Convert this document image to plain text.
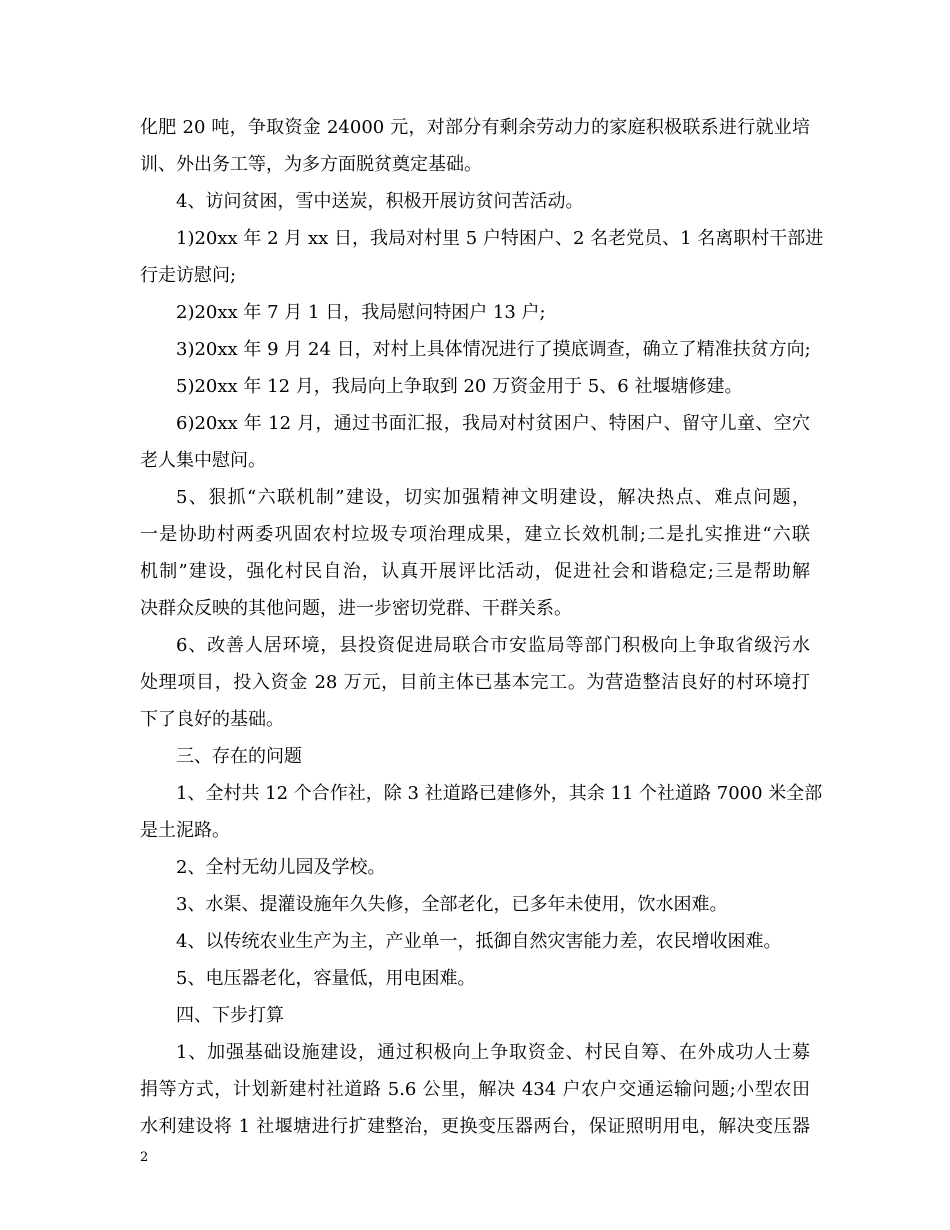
化肥 20 吨，争取资金 24000 元，对部分有剩余劳动力的家庭积极联系进行就业培

训、外出务工等，为多方面脱贫奠定基础。

4、访问贫困，雪中送炭，积极开展访贫问苦活动。

1)20xx 年 2 月 xx 日，我局对村里 5 户特困户、2 名老党员、1 名离职村干部进

行走访慰问;

2)20xx 年 7 月 1 日，我局慰问特困户 13 户;

3)20xx 年 9 月 24 日，对村上具体情况进行了摸底调查，确立了精准扶贫方向;

5)20xx 年 12 月，我局向上争取到 20 万资金用于 5、6 社堰塘修建。

6)20xx 年 12 月，通过书面汇报，我局对村贫困户、特困户、留守儿童、空穴

老人集中慰问。

5、狠抓“六联机制”建设，切实加强精神文明建设，解决热点、难点问题，

一是协助村两委巩固农村垃圾专项治理成果，建立长效机制;二是扎实推进“六联

机制”建设，强化村民自治，认真开展评比活动，促进社会和谐稳定;三是帮助解

决群众反映的其他问题，进一步密切党群、干群关系。

6、改善人居环境，县投资促进局联合市安监局等部门积极向上争取省级污水

处理项目，投入资金 28 万元，目前主体已基本完工。为营造整洁良好的村环境打

下了良好的基础。

三、存在的问题

1、全村共 12 个合作社，除 3 社道路已建修外，其余 11 个社道路 7000 米全部

是土泥路。

2、全村无幼儿园及学校。

3、水渠、提灌设施年久失修，全部老化，已多年未使用，饮水困难。

4、以传统农业生产为主，产业单一，抵御自然灾害能力差，农民增收困难。

5、电压器老化，容量低，用电困难。

四、下步打算

1、加强基础设施建设，通过积极向上争取资金、村民自筹、在外成功人士募

捐等方式，计划新建村社道路 5.6 公里，解决 434 户农户交通运输问题;小型农田

水利建设将 1 社堰塘进行扩建整治，更换变压器两台，保证照明用电，解决变压器

2
